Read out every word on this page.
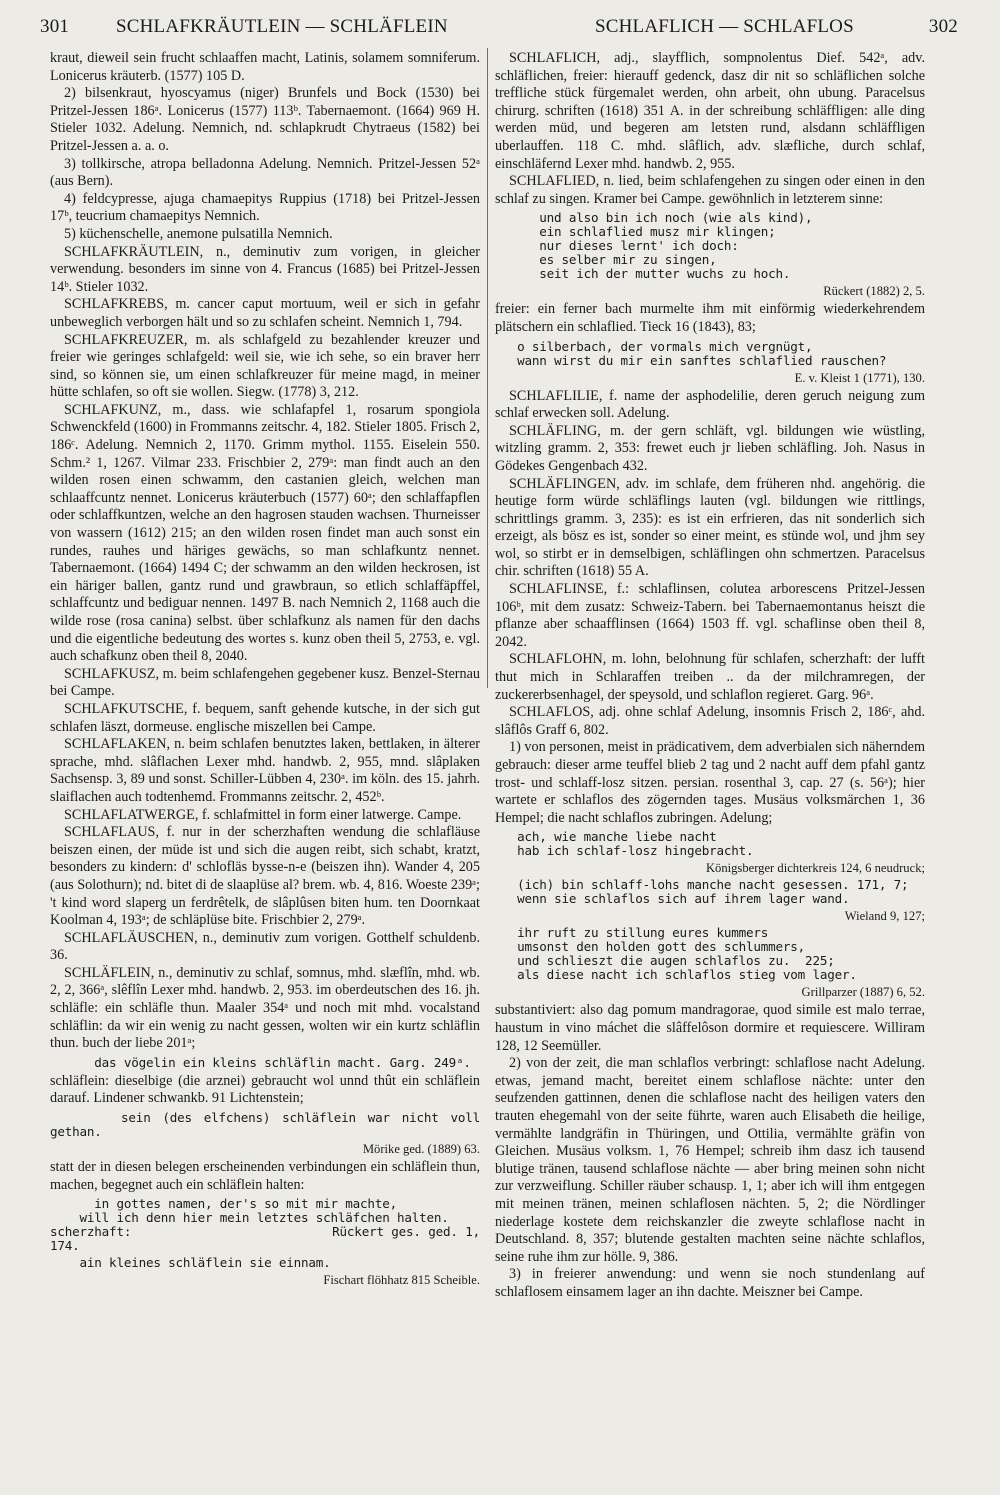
301 SCHLAFKRÄUTLEIN — SCHLÄFLEIN	SCHLAFLICH — SCHLAFLOS	302

kraut, dieweil sein frucht schlaaffen macht, Latinis, solamem somniferum. Lonicerus kräuterb. (1577) 105 D.

2) bilsenkraut, hyoscyamus (niger) Brunfels und Bock (1530) bei Pritzel-Jessen 186ᵃ. Lonicerus (1577) 113ᵇ. Tabernaemont. (1664) 969 H. Stieler 1032. Adelung. Nemnich, nd. schlapkrudt Chytraeus (1582) bei Pritzel-Jessen a. a. o.

3) tollkirsche, atropa belladonna Adelung. Nemnich. Pritzel-Jessen 52ᵃ (aus Bern).

4) feldcypresse, ajuga chamaepitys Ruppius (1718) bei Pritzel-Jessen 17ᵇ, teucrium chamaepitys Nemnich.

5) küchenschelle, anemone pulsatilla Nemnich.

SCHLAFKRÄUTLEIN, n., deminutiv zum vorigen, in gleicher verwendung. besonders im sinne von 4. Francus (1685) bei Pritzel-Jessen 14ᵇ. Stieler 1032.

SCHLAFKREBS, m. cancer caput mortuum, weil er sich in gefahr unbeweglich verborgen hält und so zu schlafen scheint. Nemnich 1, 794.

SCHLAFKREUZER, m. als schlafgeld zu bezahlender kreuzer und freier wie geringes schlafgeld: weil sie, wie ich sehe, so ein braver herr sind, so können sie, um einen schlafkreuzer für meine magd, in meiner hütte schlafen, so oft sie wollen. Siegw. (1778) 3, 212.

SCHLAFKUNZ, m., dass. wie schlafapfel 1, rosarum spongiola Schwenckfeld (1600) in Frommanns zeitschr. 4, 182. Stieler 1805. Frisch 2, 186ᶜ. Adelung. Nemnich 2, 1170. Grimm mythol. 1155. Eiselein 550. Schm.² 1, 1267. Vilmar 233. Frischbier 2, 279ᵃ: man findt auch an den wilden rosen einen schwamm, den castanien gleich, welchen man schlaaffcuntz nennet. Lonicerus kräuterbuch (1577) 60ᵃ; den schlaffapflen oder schlaffkuntzen, welche an den hagrosen stauden wachsen. Thurneisser von wassern (1612) 215; an den wilden rosen findet man auch sonst ein rundes, rauhes und häriges gewächs, so man schlafkuntz nennet. Tabernaemont. (1664) 1494 C; der schwamm an den wilden heckrosen, ist ein häriger ballen, gantz rund und grawbraun, so etlich schlaffäpffel, schlaffcuntz und bediguar nennen. 1497 B. nach Nemnich 2, 1168 auch die wilde rose (rosa canina) selbst. über schlafkunz als namen für den dachs und die eigentliche bedeutung des wortes s. kunz oben theil 5, 2753, e. vgl. auch schafkunz oben theil 8, 2040.

SCHLAFKUSZ, m. beim schlafengehen gegebener kusz. Benzel-Sternau bei Campe.

SCHLAFKUTSCHE, f. bequem, sanft gehende kutsche, in der sich gut schlafen läszt, dormeuse. englische miszellen bei Campe.

SCHLAFLAKEN, n. beim schlafen benutztes laken, bettlaken, in älterer sprache, mhd. slâflachen Lexer mhd. handwb. 2, 955, mnd. slâplaken Sachsensp. 3, 89 und sonst. Schiller-Lübben 4, 230ᵃ. im köln. des 15. jahrh. slaiflachen auch todtenhemd. Frommanns zeitschr. 2, 452ᵇ.

SCHLAFLATWERGE, f. schlafmittel in form einer latwerge. Campe.

SCHLAFLAUS, f. nur in der scherzhaften wendung die schlafläuse beiszen einen, der müde ist und sich die augen reibt, sich schabt, kratzt, besonders zu kindern: d' schlofläs bysse-n-e (beiszen ihn). Wander 4, 205 (aus Solothurn); nd. bitet di de slaaplüse al? brem. wb. 4, 816. Woeste 239ᵃ; 't kind word slaperg un ferdrêtelk, de slâplûsen biten hum. ten Doornkaat Koolman 4, 193ᵃ; de schläplüse bite. Frischbier 2, 279ᵃ.

SCHLAFLÄUSCHEN, n., deminutiv zum vorigen. Gotthelf schuldenb. 36.

SCHLÄFLEIN, n., deminutiv zu schlaf, somnus, mhd. slæflîn, mhd. wb. 2, 2, 366ᵃ, slêflîn Lexer mhd. handwb. 2, 953. im oberdeutschen des 16. jh. schläfle: ein schläfle thun. Maaler 354ᵃ und noch mit mhd. vocalstand schläflin: da wir ein wenig zu nacht gessen, wolten wir ein kurtz schläflin thun. buch der liebe 201ᵃ;

das vögelin ein kleins schläflin macht. Garg. 249ᵃ.

schläflein: dieselbige (die arznei) gebraucht wol unnd thût ein schläflein darauf. Lindener schwankb. 91 Lichtenstein;

sein (des elfchens) schläflein war nicht voll gethan.

Mörike ged. (1889) 63.

statt der in diesen belegen erscheinenden verbindungen ein schläflein thun, machen, begegnet auch ein schläflein halten:

in gottes namen, der's so mit mir machte,
will ich denn hier mein letztes schläfchen halten.
scherzhaft:                           Rückert ges. ged. 1, 174.

ain kleines schläflein sie einnam.

Fischart flöhhatz 815 Scheible.

SCHLAFLICH, adj., slayfflich, sompnolentus Dief. 542ᵃ, adv. schläflichen, freier: hierauff gedenck, dasz dir nit so schläflichen solche treffliche stück fürgemalet werden, ohn arbeit, ohn ubung. Paracelsus chirurg. schriften (1618) 351 A. in der schreibung schläffligen: alle ding werden müd, und begeren am letsten rund, alsdann schläffligen uberlauffen. 118 C. mhd. slâflich, adv. slæfliche, durch schlaf, einschläfernd Lexer mhd. handwb. 2, 955.

SCHLAFLIED, n. lied, beim schlafengehen zu singen oder einen in den schlaf zu singen. Kramer bei Campe. gewöhnlich in letzterem sinne:

und also bin ich noch (wie als kind),
ein schlaflied musz mir klingen;
nur dieses lernt' ich doch:
es selber mir zu singen,
seit ich der mutter wuchs zu hoch.

Rückert (1882) 2, 5.

freier: ein ferner bach murmelte ihm mit einförmig wiederkehrendem plätschern ein schlaflied. Tieck 16 (1843), 83;

o silberbach, der vormals mich vergnügt,
wann wirst du mir ein sanftes schlaflied rauschen?

E. v. Kleist 1 (1771), 130.

SCHLAFLILIE, f. name der asphodelilie, deren geruch neigung zum schlaf erwecken soll. Adelung.

SCHLÄFLING, m. der gern schläft, vgl. bildungen wie wüstling, witzling gramm. 2, 353: frewet euch jr lieben schläfling. Joh. Nasus in Gödekes Gengenbach 432.

SCHLÄFLINGEN, adv. im schlafe, dem früheren nhd. angehörig. die heutige form würde schläflings lauten (vgl. bildungen wie rittlings, schrittlings gramm. 3, 235): es ist ein erfrieren, das nit sonderlich sich erzeigt, als bösz es ist, sonder so einer meint, es stünde wol, und jhm sey wol, so stirbt er in demselbigen, schläflingen ohn schmertzen. Paracelsus chir. schriften (1618) 55 A.

SCHLAFLINSE, f.: schlaflinsen, colutea arborescens Pritzel-Jessen 106ᵇ, mit dem zusatz: Schweiz-Tabern. bei Tabernaemontanus heiszt die pflanze aber schaafflinsen (1664) 1503 ff. vgl. schaflinse oben theil 8, 2042.

SCHLAFLOHN, m. lohn, belohnung für schlafen, scherzhaft: der lufft thut mich in Schlaraffen treiben .. da der milchramregen, der zuckererbsenhagel, der speysold, und schlaflon regieret. Garg. 96ᵃ.

SCHLAFLOS, adj. ohne schlaf Adelung, insomnis Frisch 2, 186ᶜ, ahd. slâflôs Graff 6, 802.

1) von personen, meist in prädicativem, dem adverbialen sich näherndem gebrauch: dieser arme teuffel blieb 2 tag und 2 nacht auff dem pfahl gantz trost- und schlaff-losz sitzen. persian. rosenthal 3, cap. 27 (s. 56ᵃ); hier wartete er schlaflos des zögernden tages. Musäus volksmärchen 1, 36 Hempel; die nacht schlaflos zubringen. Adelung;

ach, wie manche liebe nacht
hab ich schlaf-losz hingebracht.

Königsberger dichterkreis 124, 6 neudruck;

(ich) bin schlaff-lohs manche nacht gesessen. 171, 7;
wenn sie schlaflos sich auf ihrem lager wand.

Wieland 9, 127;

ihr ruft zu stillung eures kummers
umsonst den holden gott des schlummers,
und schlieszt die augen schlaflos zu.  225;
als diese nacht ich schlaflos stieg vom lager.

Grillparzer (1887) 6, 52.

substantiviert: also dag pomum mandragorae, quod simile est malo terrae, haustum in vino máchet die slâffelôson dormire et requiescere. Williram 128, 12 Seemüller.

2) von der zeit, die man schlaflos verbringt: schlaflose nacht Adelung. etwas, jemand macht, bereitet einem schlaflose nächte: unter den seufzenden gattinnen, denen die schlaflose nacht des heiligen vaters den trauten ehegemahl von der seite führte, waren auch Elisabeth die heilige, vermählte landgräfin in Thüringen, und Ottilia, vermählte gräfin von Gleichen. Musäus volksm. 1, 76 Hempel; schreib ihm dasz ich tausend blutige tränen, tausend schlaflose nächte — aber bring meinen sohn nicht zur verzweiflung. Schiller räuber schausp. 1, 1; aber ich will ihm entgegen mit meinen tränen, meinen schlaflosen nächten. 5, 2; die Nördlinger niederlage kostete dem reichskanzler die zweyte schlaflose nacht in Deutschland. 8, 357; blutende gestalten machten seine nächte schlaflos, seine ruhe ihm zur hölle. 9, 386.

3) in freierer anwendung: und wenn sie noch stundenlang auf schlaflosem einsamem lager an ihn dachte. Meiszner bei Campe.
